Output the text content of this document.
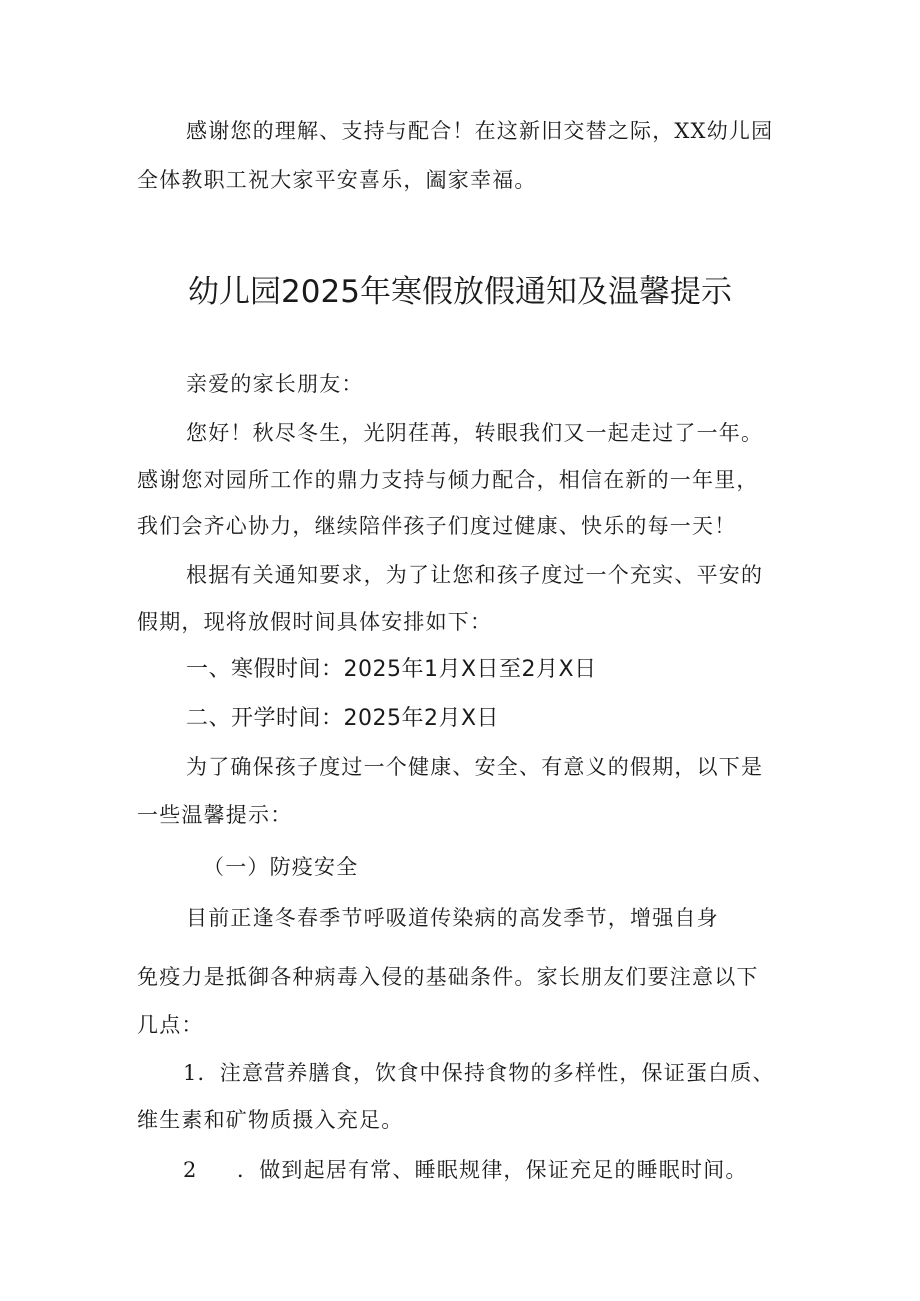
感谢您的理解、支持与配合！在这新旧交替之际，XX幼儿园
全体教职工祝大家平安喜乐，阖家幸福。
幼儿园2025年寒假放假通知及温馨提示
亲爱的家长朋友：
您好！秋尽冬生，光阴荏苒，转眼我们又一起走过了一年。
感谢您对园所工作的鼎力支持与倾力配合，相信在新的一年里，
我们会齐心协力，继续陪伴孩子们度过健康、快乐的每一天！
根据有关通知要求，为了让您和孩子度过一个充实、平安的
假期，现将放假时间具体安排如下：
一、寒假时间：2025年1月X日至2月X日
二、开学时间：2025年2月X日
为了确保孩子度过一个健康、安全、有意义的假期，以下是
一些温馨提示：
（一）防疫安全
目前正逢冬春季节呼吸道传染病的高发季节，增强自身
免疫力是抵御各种病毒入侵的基础条件。家长朋友们要注意以下
几点：
1．注意营养膳食，饮食中保持食物的多样性，保证蛋白质、
维生素和矿物质摄入充足。
2 ．做到起居有常、睡眠规律，保证充足的睡眠时间。
